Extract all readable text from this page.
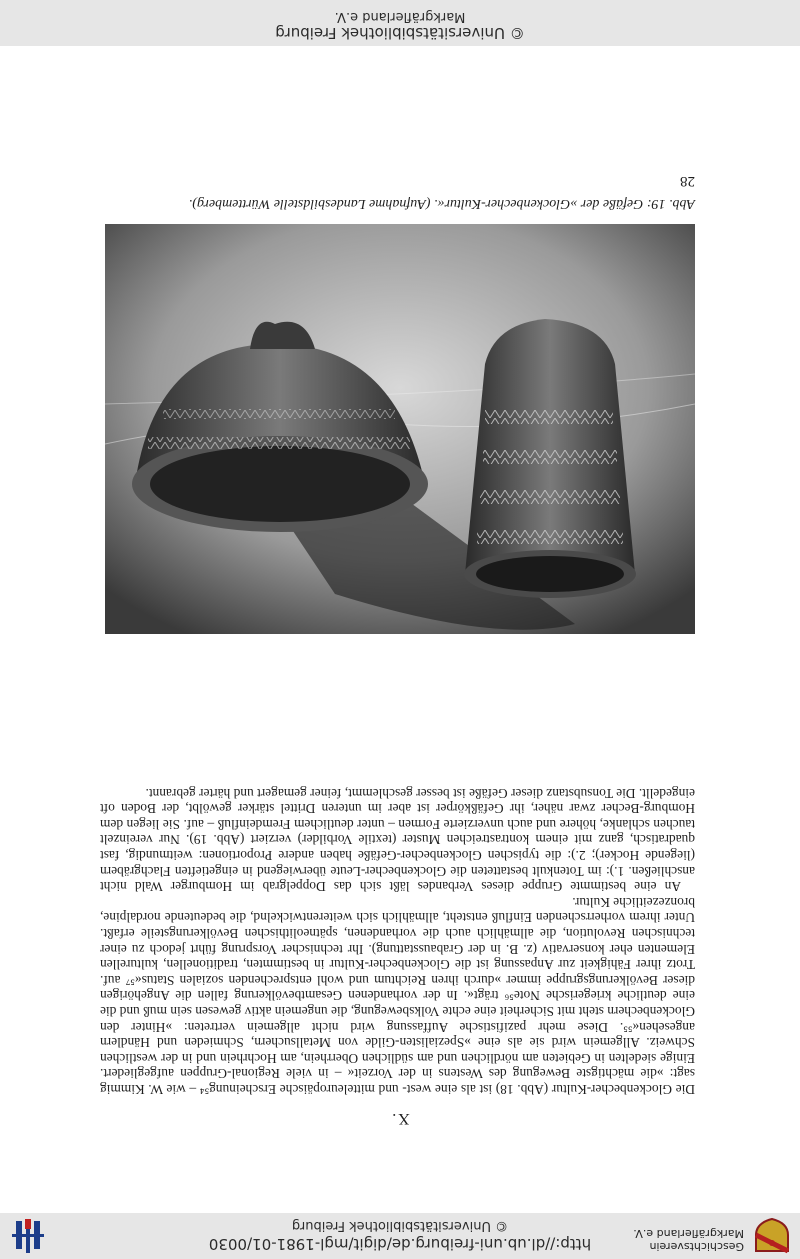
Geschichtsverein Markgräflerland e.V.
http://dl.ub.uni-freiburg.de/digit/mgl-1981-01/0030
© Universitätsbibliothek Freiburg
28
Abb. 19: Gefäße der »Glockenbecher-Kultur«. (Aufnahme Landesbildstelle Württemberg).
X.

Die Glockenbecher-Kultur (Abb. 18) ist als eine west- und mitteleuropäische Erscheinung⁵⁴ – wie W. Kimmig sagt: »die mächtigste Bewegung des Westens in der Vorzeit« – in viele Regional-Gruppen aufgegliedert. Einige siedelten in Gebieten am nördlichen und am südlichen Oberrhein, am Hochrhein und in der westlichen Schweiz. Allgemein wird sie als eine »Spezialisten-Gilde von Metallsuchern, Schmieden und Händlern angesehen«⁵⁵. Diese mehr pazifistische Auffassung wird nicht allgemein vertreten: »Hinter den Glockenbechern steht mit Sicherheit eine echte Volksbewegung, die ungemein aktiv gewesen sein muß und die eine deutliche kriegerische Note⁵⁶ trägt«. In der vorhandenen Gesamtbevölkerung fallen die Angehörigen dieser Bevölkerungsgruppe immer »durch ihren Reichtum und wohl entsprechenden sozialen Status«⁵⁷ auf. Trotz ihrer Fähigkeit zur Anpassung ist die Glockenbecher-Kultur in bestimmten, traditionellen, kulturellen Elementen eher konservativ (z. B. in der Grabausstattung). Ihr technischer Vorsprung führt jedoch zu einer technischen Revolution, die allmählich auch die vorhandenen, spätneolithischen Bevölkerungsteile erfaßt. Unter ihrem vorherrschenden Einfluß entsteht, allmählich sich weiterentwickelnd, die bedeutende nordalpine, bronzezeitliche Kultur.

An eine bestimmte Gruppe dieses Verbandes läßt sich das Doppelgrab im Homburger Wald nicht anschließen. 1.): im Totenkult bestatteten die Glockenbecher-Leute überwiegend in eingetieften Flachgräbern (liegende Hocker); 2.): die typischen Glockenbecher-Gefäße haben andere Proportionen: weitmundig, fast quadratisch, ganz mit einem kontrastreichen Muster (textile Vorbilder) verziert (Abb. 19). Nur vereinzelt tauchen schlanke, höhere und auch unverzierte Formen – unter deutlichem Fremdeinfluß – auf. Sie liegen dem Homburg-Becher zwar näher, ihr Gefäßkörper ist aber im unteren Drittel stärker gewölbt, der Boden oft eingedellt. Die Tonsubstanz dieser Gefäße ist besser geschlemmt, feiner gemagert und härter gebrannt.

© Universitätsbibliothek Freiburg
Markgräflerland e.V.
